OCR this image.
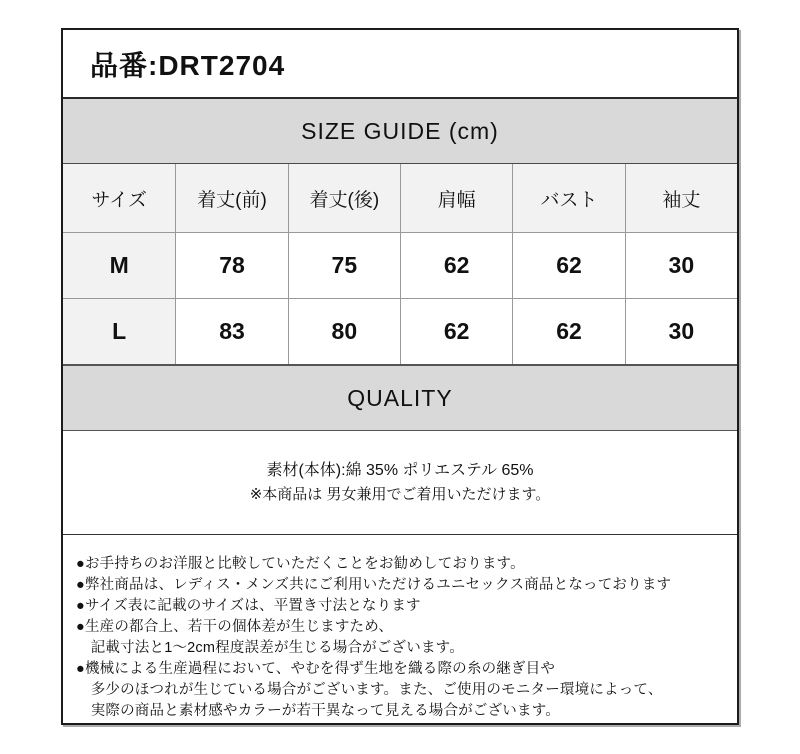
品番:DRT2704
SIZE GUIDE (cm)
サイズ	着丈(前)	着丈(後)	肩幅	バスト	袖丈
M	78	75	62	62	30
L	83	80	62	62	30
QUALITY
素材(本体):綿 35% ポリエステル 65%
※本商品は 男女兼用でご着用いただけます。
●お手持ちのお洋服と比較していただくことをお勧めしております。
●弊社商品は、レディス・メンズ共にご利用いただけるユニセックス商品となっております
●サイズ表に記載のサイズは、平置き寸法となります
●生産の都合上、若干の個体差が生じますため、
　記載寸法と1～2cm程度誤差が生じる場合がございます。
●機械による生産過程において、やむを得ず生地を織る際の糸の継ぎ目や
　多少のほつれが生じている場合がございます。また、ご使用のモニター環境によって、
　実際の商品と素材感やカラーが若干異なって見える場合がございます。
